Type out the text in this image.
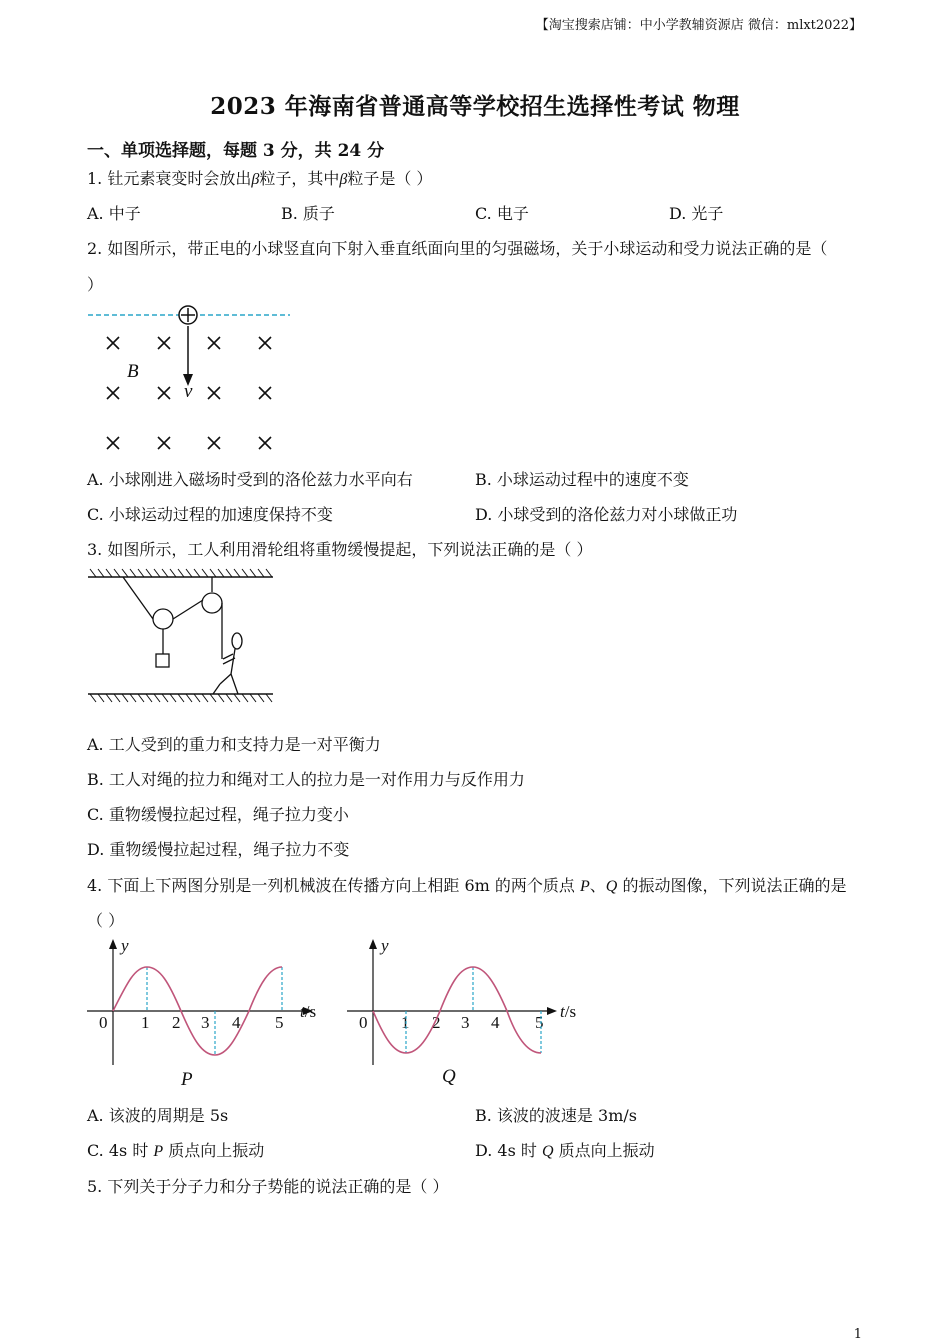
【淘宝搜索店铺：中小学教辅资源店 微信：mlxt2022】
2023 年海南省普通高等学校招生选择性考试 物理
一、单项选择题，每题 3 分，共 24 分
1. 钍元素衰变时会放出β粒子，其中β粒子是（ ）
A. 中子	B. 质子	C. 电子	D. 光子
2. 如图所示，带正电的小球竖直向下射入垂直纸面向里的匀强磁场，关于小球运动和受力说法正确的是（
）
B
v
A. 小球刚进入磁场时受到的洛伦兹力水平向右	B. 小球运动过程中的速度不变
C. 小球运动过程的加速度保持不变	D. 小球受到的洛伦兹力对小球做正功
3. 如图所示，工人利用滑轮组将重物缓慢提起，下列说法正确的是（ ）
A. 工人受到的重力和支持力是一对平衡力
B. 工人对绳的拉力和绳对工人的拉力是一对作用力与反作用力
C. 重物缓慢拉起过程，绳子拉力变小
D. 重物缓慢拉起过程，绳子拉力不变
4. 下面上下两图分别是一列机械波在传播方向上相距 6m 的两个质点 P、Q 的振动图像，下列说法正确的是
（ ）
y
t/s
0 1 2 3 4 5
P
y
t/s
0 1 2 3 4 5
Q
A. 该波的周期是 5s	B. 该波的波速是 3m/s
C. 4s 时 P 质点向上振动	D. 4s 时 Q 质点向上振动
5. 下列关于分子力和分子势能的说法正确的是（ ）
1
